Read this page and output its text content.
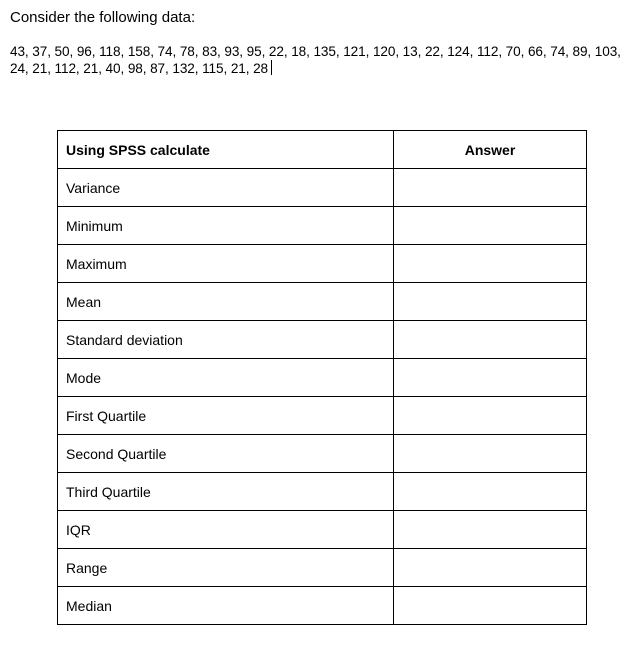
Consider the following data:
43, 37, 50, 96, 118, 158, 74, 78, 83, 93, 95, 22, 18, 135, 121, 120, 13, 22, 124, 112, 70, 66, 74, 89, 103, 24, 21, 112, 21, 40, 98, 87, 132, 115, 21, 28
Using SPSS calculate	Answer
Variance	
Minimum	
Maximum	
Mean	
Standard deviation	
Mode	
First Quartile	
Second Quartile	
Third Quartile	
IQR	
Range	
Median	
